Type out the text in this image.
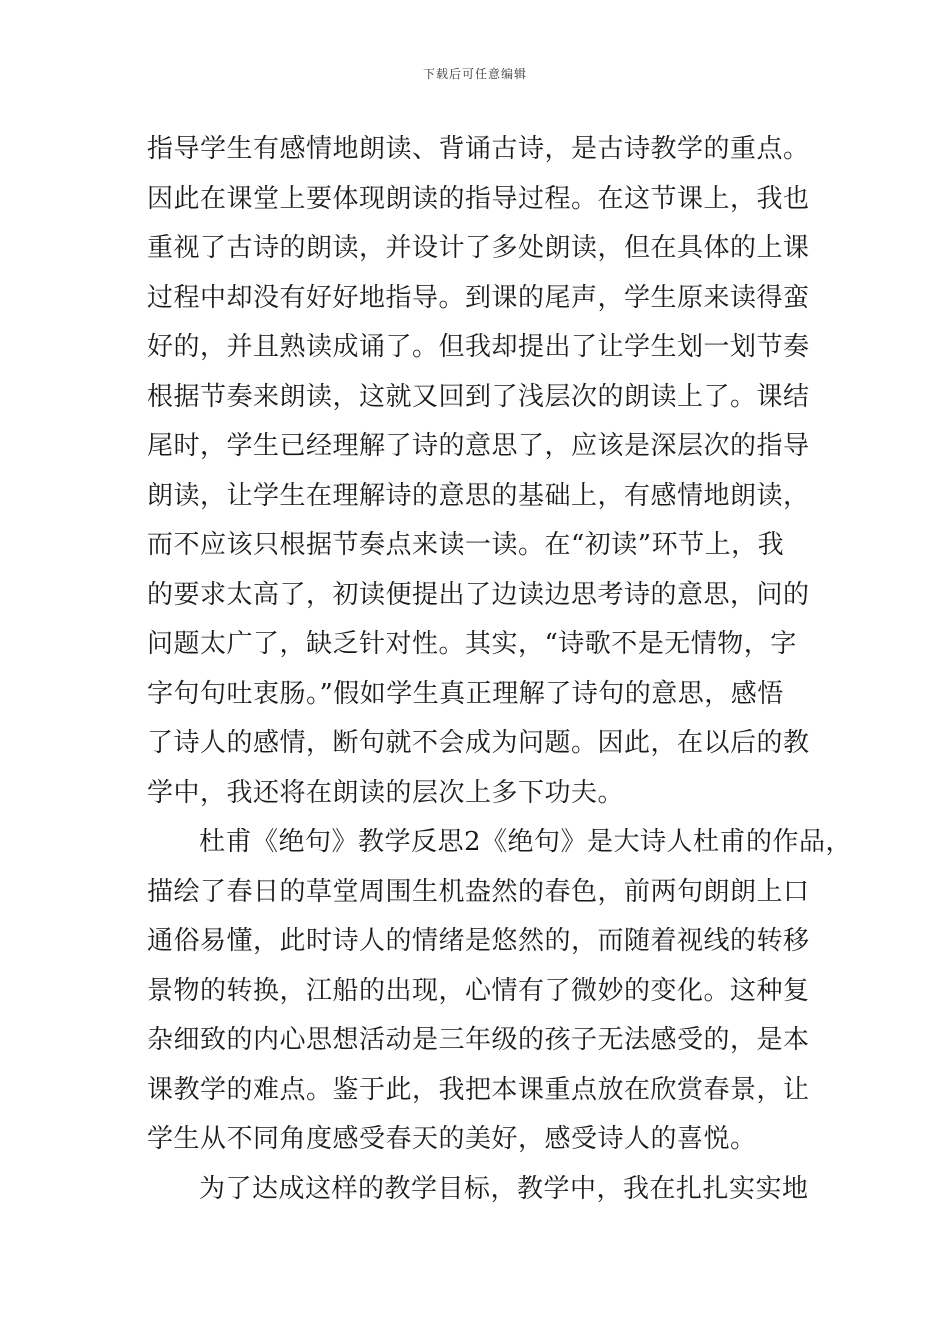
下载后可任意编辑
指导学生有感情地朗读、背诵古诗，是古诗教学的重点。
因此在课堂上要体现朗读的指导过程。在这节课上，我也
重视了古诗的朗读，并设计了多处朗读，但在具体的上课
过程中却没有好好地指导。到课的尾声，学生原来读得蛮
好的，并且熟读成诵了。但我却提出了让学生划一划节奏
根据节奏来朗读，这就又回到了浅层次的朗读上了。课结
尾时，学生已经理解了诗的意思了，应该是深层次的指导
朗读，让学生在理解诗的意思的基础上，有感情地朗读，
而不应该只根据节奏点来读一读。在“初读”环节上，我
的要求太高了，初读便提出了边读边思考诗的意思，问的
问题太广了，缺乏针对性。其实，“诗歌不是无情物，字
字句句吐衷肠。”假如学生真正理解了诗句的意思，感悟
了诗人的感情，断句就不会成为问题。因此，在以后的教
学中，我还将在朗读的层次上多下功夫。
杜甫《绝句》教学反思2《绝句》是大诗人杜甫的作品，
描绘了春日的草堂周围生机盎然的春色，前两句朗朗上口
通俗易懂，此时诗人的情绪是悠然的，而随着视线的转移
景物的转换，江船的出现，心情有了微妙的变化。这种复
杂细致的内心思想活动是三年级的孩子无法感受的，是本
课教学的难点。鉴于此，我把本课重点放在欣赏春景，让
学生从不同角度感受春天的美好，感受诗人的喜悦。
为了达成这样的教学目标，教学中，我在扎扎实实地
